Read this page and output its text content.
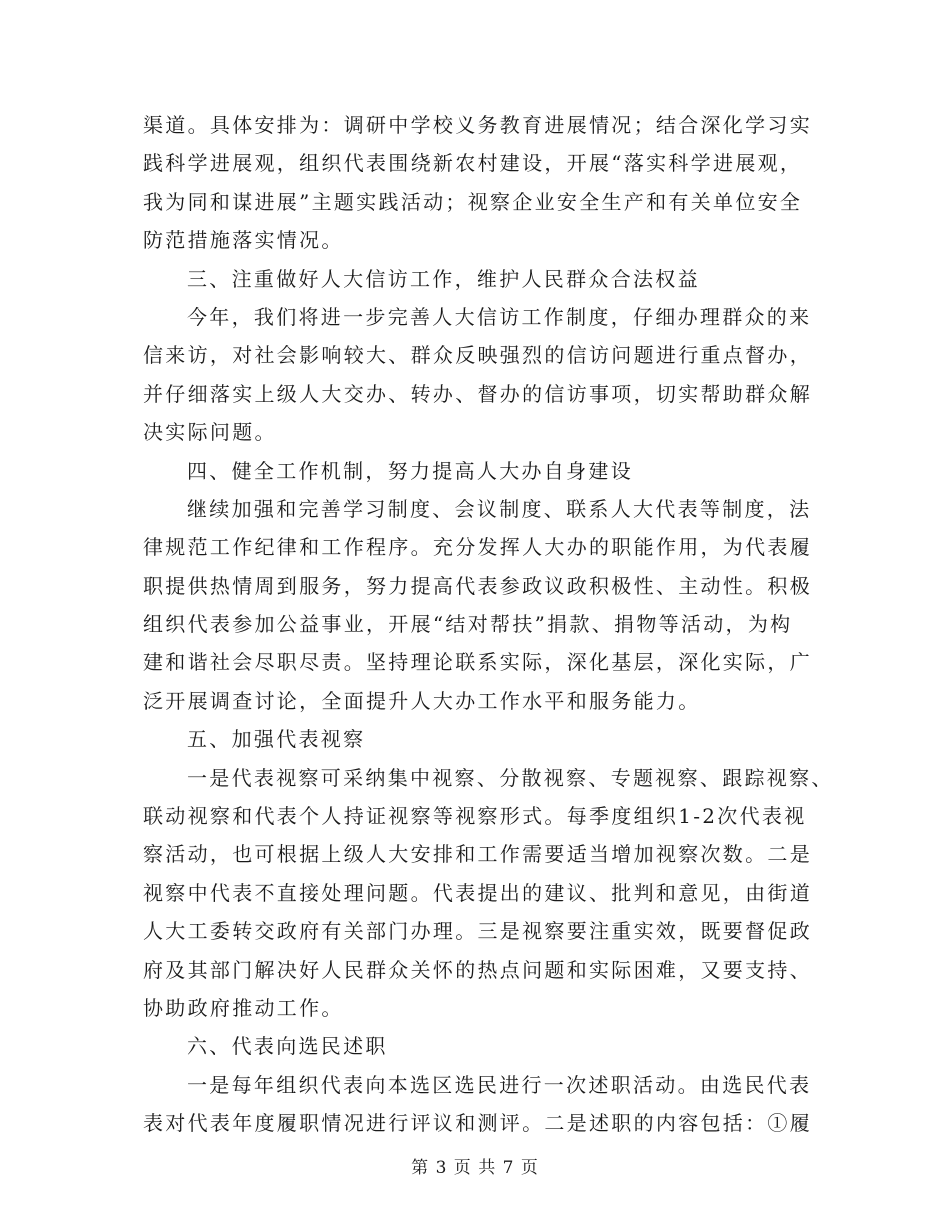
渠道。具体安排为：调研中学校义务教育进展情况；结合深化学习实
践科学进展观，组织代表围绕新农村建设，开展“落实科学进展观，
我为同和谋进展”主题实践活动；视察企业安全生产和有关单位安全
防范措施落实情况。
三、注重做好人大信访工作，维护人民群众合法权益
今年，我们将进一步完善人大信访工作制度，仔细办理群众的来
信来访，对社会影响较大、群众反映强烈的信访问题进行重点督办，
并仔细落实上级人大交办、转办、督办的信访事项，切实帮助群众解
决实际问题。
四、健全工作机制，努力提高人大办自身建设
继续加强和完善学习制度、会议制度、联系人大代表等制度，法
律规范工作纪律和工作程序。充分发挥人大办的职能作用，为代表履
职提供热情周到服务，努力提高代表参政议政积极性、主动性。积极
组织代表参加公益事业，开展“结对帮扶”捐款、捐物等活动，为构
建和谐社会尽职尽责。坚持理论联系实际，深化基层，深化实际，广
泛开展调查讨论，全面提升人大办工作水平和服务能力。
五、加强代表视察
一是代表视察可采纳集中视察、分散视察、专题视察、跟踪视察、
联动视察和代表个人持证视察等视察形式。每季度组织1-2次代表视
察活动，也可根据上级人大安排和工作需要适当增加视察次数。二是
视察中代表不直接处理问题。代表提出的建议、批判和意见，由街道
人大工委转交政府有关部门办理。三是视察要注重实效，既要督促政
府及其部门解决好人民群众关怀的热点问题和实际困难，又要支持、
协助政府推动工作。
六、代表向选民述职
一是每年组织代表向本选区选民进行一次述职活动。由选民代表
表对代表年度履职情况进行评议和测评。二是述职的内容包括：①履
第 3 页 共 7 页
